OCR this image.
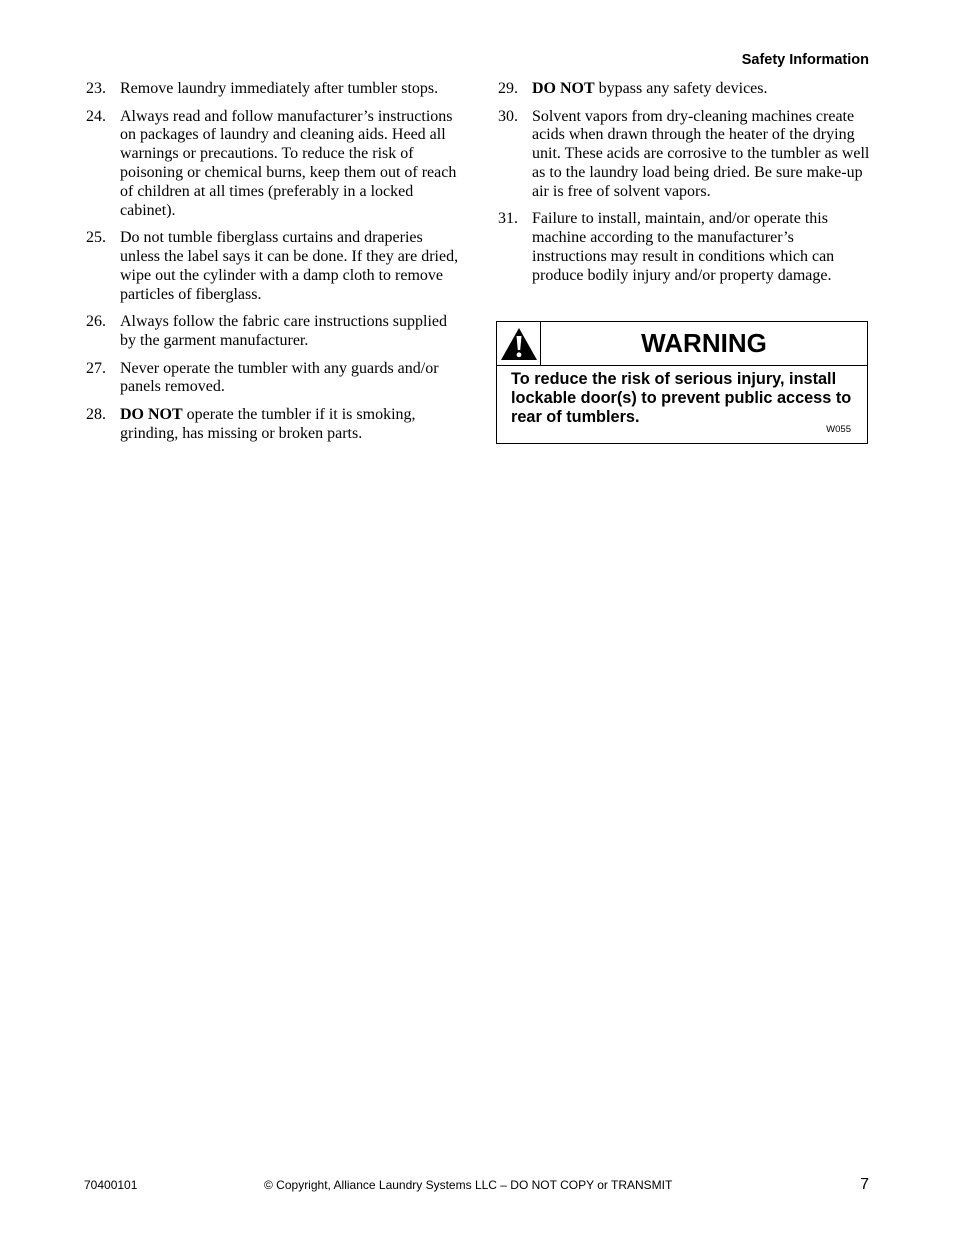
Safety Information
23. Remove laundry immediately after tumbler stops.
24. Always read and follow manufacturer’s instructions on packages of laundry and cleaning aids. Heed all warnings or precautions. To reduce the risk of poisoning or chemical burns, keep them out of reach of children at all times (preferably in a locked cabinet).
25. Do not tumble fiberglass curtains and draperies unless the label says it can be done. If they are dried, wipe out the cylinder with a damp cloth to remove particles of fiberglass.
26. Always follow the fabric care instructions supplied by the garment manufacturer.
27. Never operate the tumbler with any guards and/or panels removed.
28. DO NOT operate the tumbler if it is smoking, grinding, has missing or broken parts.
29. DO NOT bypass any safety devices.
30. Solvent vapors from dry-cleaning machines create acids when drawn through the heater of the drying unit. These acids are corrosive to the tumbler as well as to the laundry load being dried. Be sure make-up air is free of solvent vapors.
31. Failure to install, maintain, and/or operate this machine according to the manufacturer’s instructions may result in conditions which can produce bodily injury and/or property damage.
WARNING
To reduce the risk of serious injury, install lockable door(s) to prevent public access to rear of tumblers.
W055
70400101	© Copyright, Alliance Laundry Systems LLC – DO NOT COPY or TRANSMIT	7
